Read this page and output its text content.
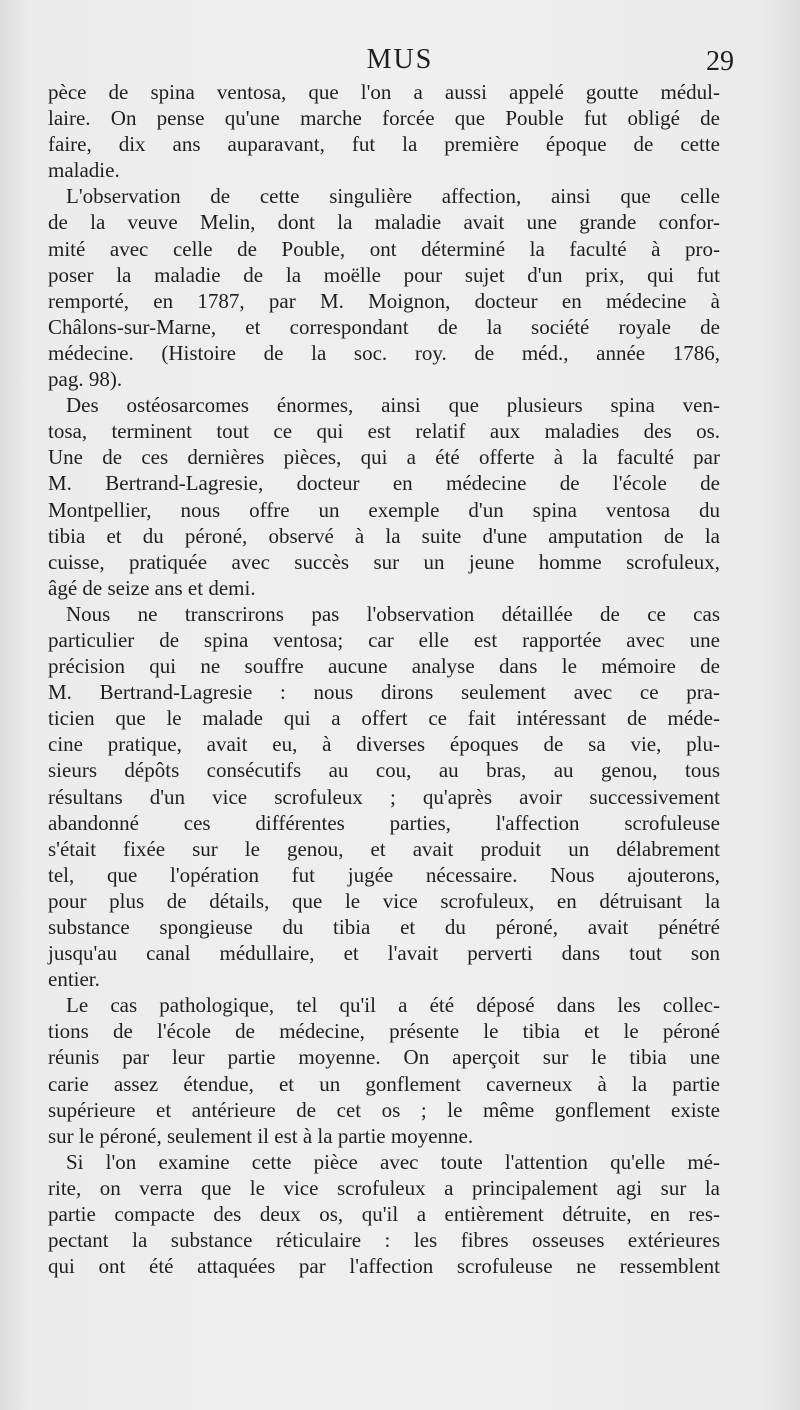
MUS	29
pèce de spina ventosa, que l'on a aussi appelé goutte médul-
laire. On pense qu'une marche forcée que Pouble fut obligé de
faire, dix ans auparavant, fut la première époque de cette
maladie.
L'observation de cette singulière affection, ainsi que celle
de la veuve Melin, dont la maladie avait une grande confor-
mité avec celle de Pouble, ont déterminé la faculté à pro-
poser la maladie de la moëlle pour sujet d'un prix, qui fut
remporté, en 1787, par M. Moignon, docteur en médecine à
Châlons-sur-Marne, et correspondant de la société royale de
médecine. (Histoire de la soc. roy. de méd., année 1786,
pag. 98).
Des ostéosarcomes énormes, ainsi que plusieurs spina ven-
tosa, terminent tout ce qui est relatif aux maladies des os.
Une de ces dernières pièces, qui a été offerte à la faculté par
M. Bertrand-Lagresie, docteur en médecine de l'école de
Montpellier, nous offre un exemple d'un spina ventosa du
tibia et du péroné, observé à la suite d'une amputation de la
cuisse, pratiquée avec succès sur un jeune homme scrofuleux,
âgé de seize ans et demi.
Nous ne transcrirons pas l'observation détaillée de ce cas
particulier de spina ventosa; car elle est rapportée avec une
précision qui ne souffre aucune analyse dans le mémoire de
M. Bertrand-Lagresie : nous dirons seulement avec ce pra-
ticien que le malade qui a offert ce fait intéressant de méde-
cine pratique, avait eu, à diverses époques de sa vie, plu-
sieurs dépôts consécutifs au cou, au bras, au genou, tous
résultans d'un vice scrofuleux ; qu'après avoir successivement
abandonné ces différentes parties, l'affection scrofuleuse
s'était fixée sur le genou, et avait produit un délabrement
tel, que l'opération fut jugée nécessaire. Nous ajouterons,
pour plus de détails, que le vice scrofuleux, en détruisant la
substance spongieuse du tibia et du péroné, avait pénétré
jusqu'au canal médullaire, et l'avait perverti dans tout son
entier.
Le cas pathologique, tel qu'il a été déposé dans les collec-
tions de l'école de médecine, présente le tibia et le péroné
réunis par leur partie moyenne. On aperçoit sur le tibia une
carie assez étendue, et un gonflement caverneux à la partie
supérieure et antérieure de cet os ; le même gonflement existe
sur le péroné, seulement il est à la partie moyenne.
Si l'on examine cette pièce avec toute l'attention qu'elle mé-
rite, on verra que le vice scrofuleux a principalement agi sur la
partie compacte des deux os, qu'il a entièrement détruite, en res-
pectant la substance réticulaire : les fibres osseuses extérieures
qui ont été attaquées par l'affection scrofuleuse ne ressemblent
